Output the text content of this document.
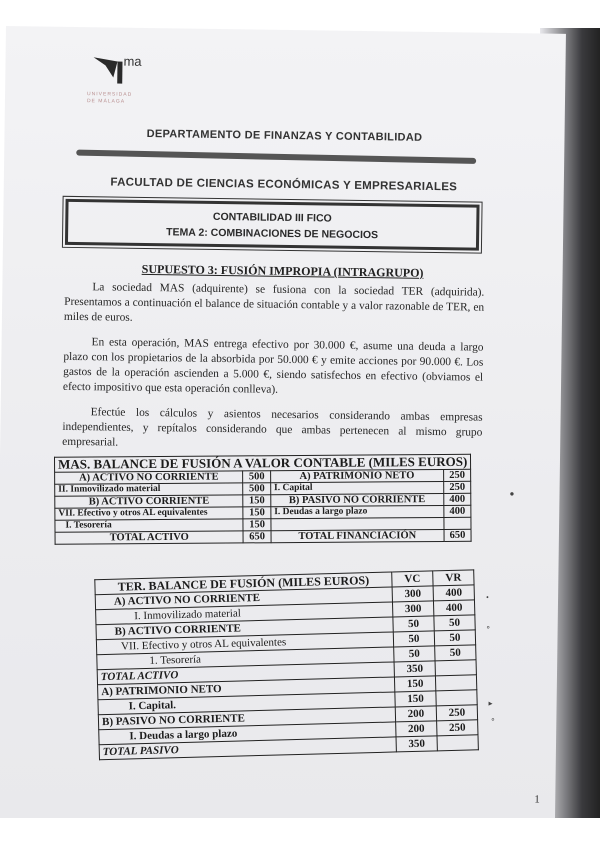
ma
UNIVERSIDAD
DE MÁLAGA
DEPARTAMENTO DE FINANZAS Y CONTABILIDAD
FACULTAD DE CIENCIAS ECONÓMICAS Y EMPRESARIALES
CONTABILIDAD III FICO
TEMA 2: COMBINACIONES DE NEGOCIOS
SUPUESTO 3: FUSIÓN IMPROPIA (INTRAGRUPO)
La sociedad MAS (adquirente) se fusiona con la sociedad TER (adquirida). Presentamos a continuación el balance de situación contable y a valor razonable de TER, en miles de euros.
En esta operación, MAS entrega efectivo por 30.000 €, asume una deuda a largo plazo con los propietarios de la absorbida por 50.000 € y emite acciones por 90.000 €. Los gastos de la operación ascienden a 5.000 €, siendo satisfechos en efectivo (obviamos el efecto impositivo que esta operación conlleva).
Efectúe los cálculos y asientos necesarios considerando ambas empresas independientes, y repítalos considerando que ambas pertenecen al mismo grupo empresarial.
MAS. BALANCE DE FUSIÓN A VALOR CONTABLE (MILES EUROS)			
A) ACTIVO NO CORRIENTE	500	A) PATRIMONIO NETO	250
II. Inmovilizado material	500	I. Capital	250
B) ACTIVO CORRIENTE	150	B) PASIVO NO CORRIENTE	400
VII. Efectivo y otros AL equivalentes	150	I. Deudas a largo plazo	400
I. Tesorería	150		
TOTAL ACTIVO	650	TOTAL FINANCIACIÓN	650
TER. BALANCE DE FUSIÓN (MILES EUROS)	VC	VR
A) ACTIVO NO CORRIENTE	300	400
I. Inmovilizado material	300	400
B) ACTIVO CORRIENTE	50	50
VII. Efectivo y otros AL equivalentes	50	50
1. Tesorería	50	50
TOTAL ACTIVO	350	
A) PATRIMONIO NETO	150	
I. Capital.	150	
B) PASIVO NO CORRIENTE	200	250
I. Deudas a largo plazo	200	250
TOTAL PASIVO	350	
●
•
∘
▸
∘
1
